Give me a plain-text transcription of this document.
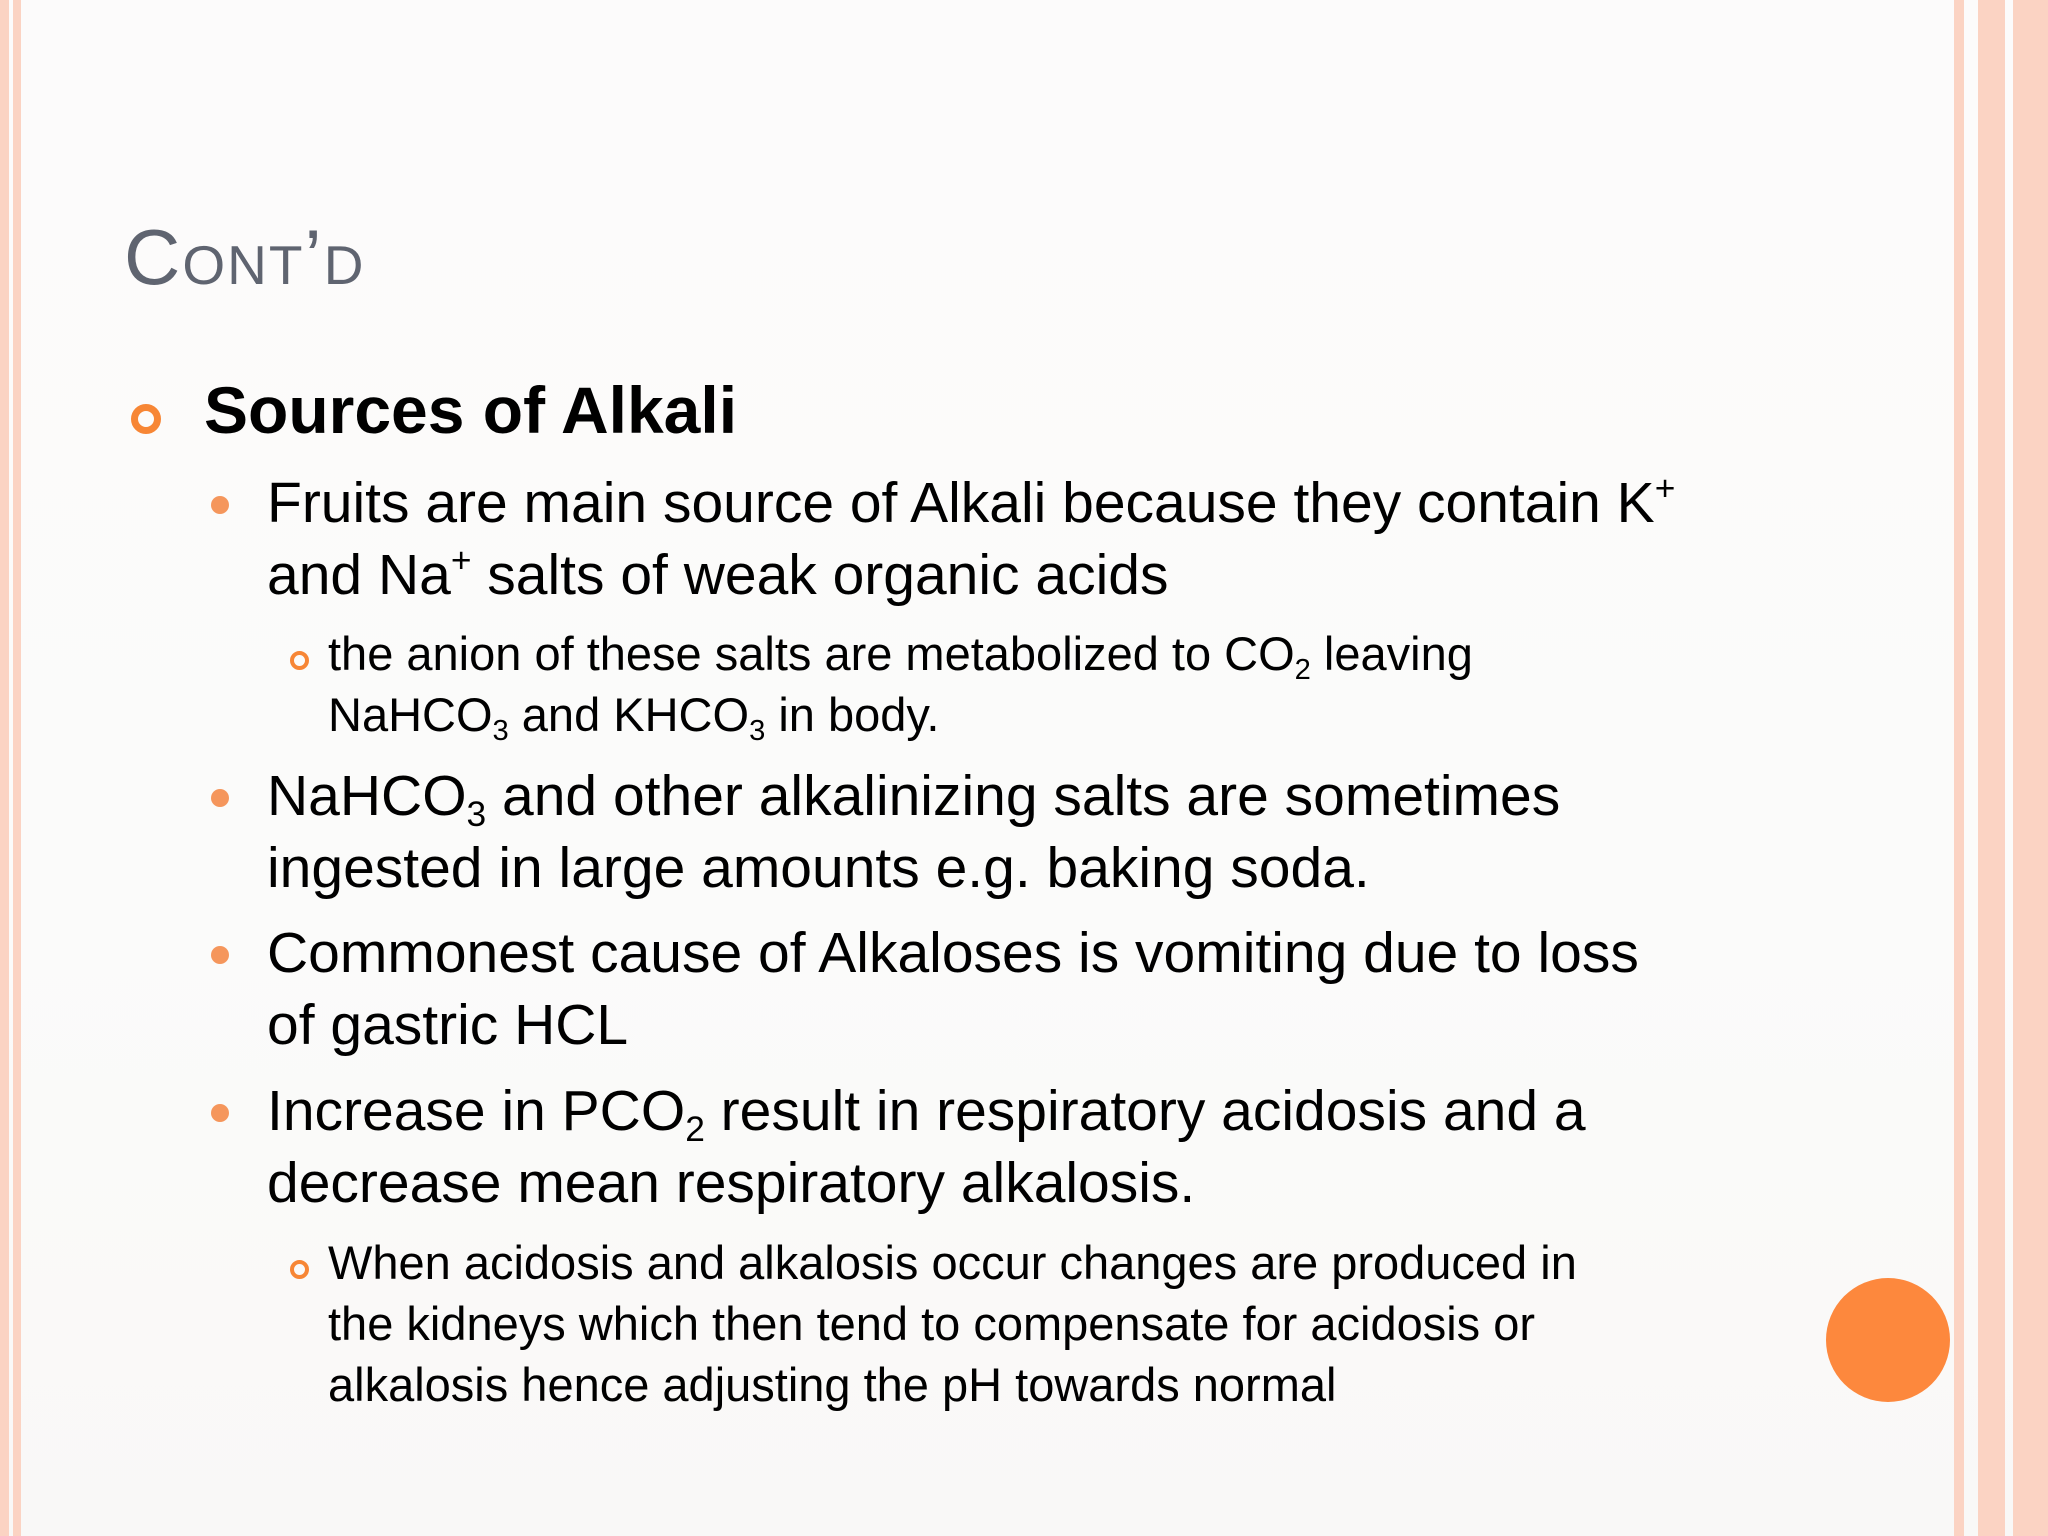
Cont’d
Sources of Alkali
Fruits are main source of Alkali because they contain K+
and Na+ salts of weak organic acids
the anion of these salts are metabolized to CO2 leaving
NaHCO3 and KHCO3 in body.
NaHCO3 and other alkalinizing salts are sometimes
ingested in large amounts e.g. baking soda.
Commonest cause of Alkaloses is vomiting due to loss
of gastric HCL
Increase in PCO2 result in respiratory acidosis and a
decrease mean respiratory alkalosis.
When acidosis and alkalosis occur changes are produced in
the kidneys which then tend to compensate for acidosis or
alkalosis hence adjusting the pH towards normal
